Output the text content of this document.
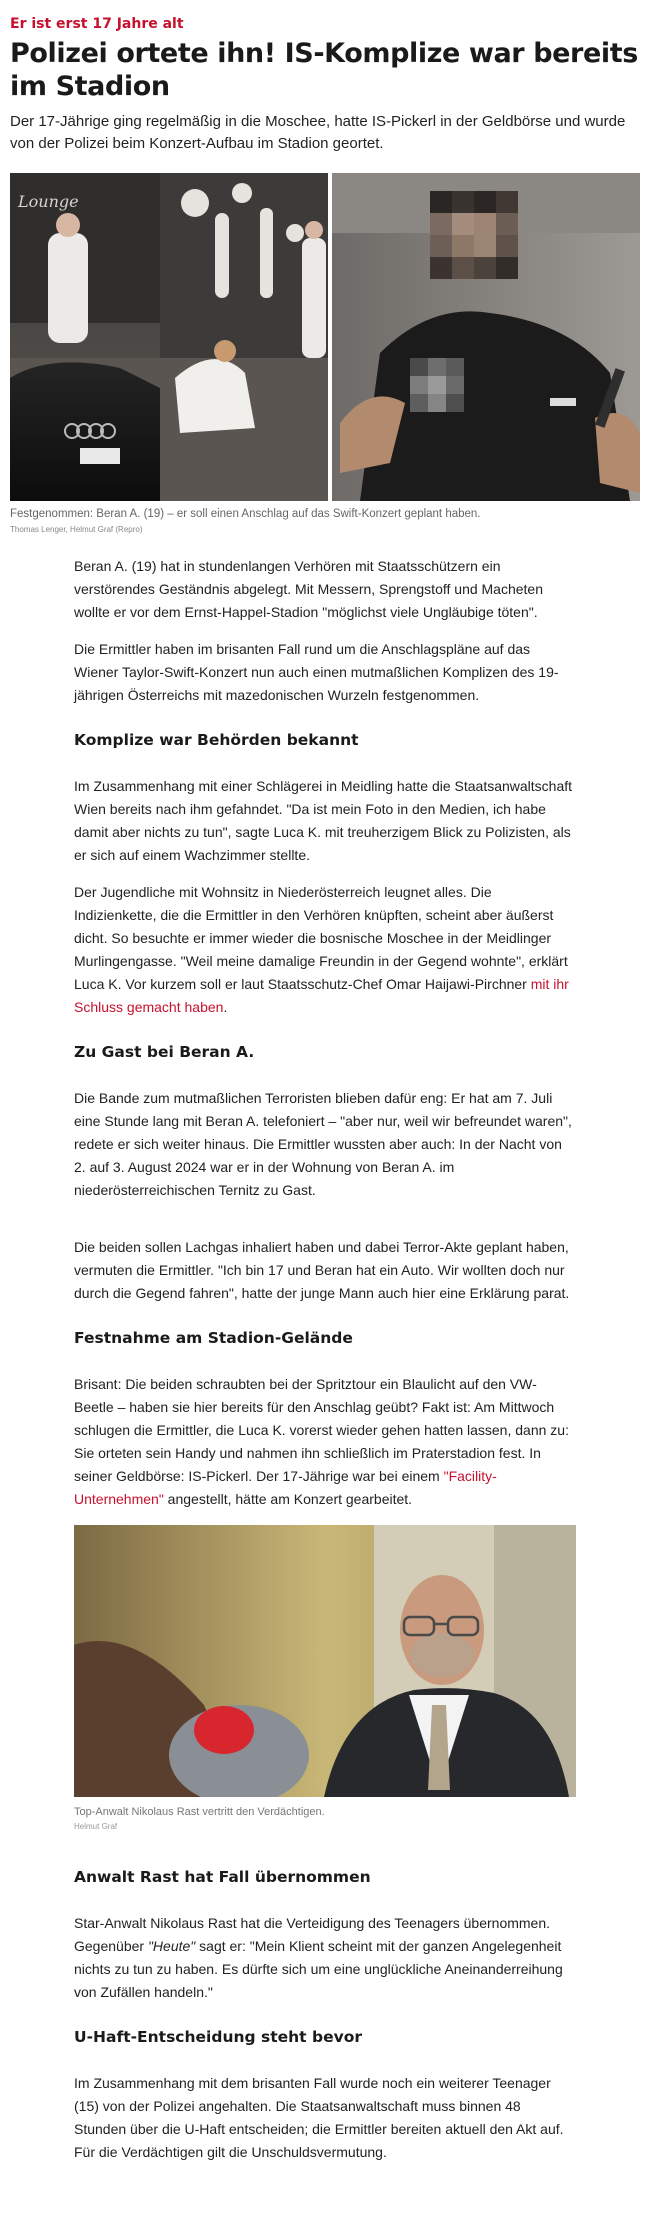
Er ist erst 17 Jahre alt
Polizei ortete ihn! IS-Komplize war bereits im Stadion

Der 17-Jährige ging regelmäßig in die Moschee, hatte IS-Pickerl in der Geldbörse und wurde von der Polizei beim Konzert-Aufbau im Stadion geortet.

Lounge

Festgenommen: Beran A. (19) – er soll einen Anschlag auf das Swift-Konzert geplant haben.

Thomas Lenger, Helmut Graf (Repro)

Beran A. (19) hat in stundenlangen Verhören mit Staatsschützern ein verstörendes Geständnis abgelegt. Mit Messern, Sprengstoff und Macheten wollte er vor dem Ernst-Happel-Stadion "möglichst viele Ungläubige töten".

Die Ermittler haben im brisanten Fall rund um die Anschlagspläne auf das Wiener Taylor-Swift-Konzert nun auch einen mutmaßlichen Komplizen des 19-jährigen Österreichs mit mazedonischen Wurzeln festgenommen.

Komplize war Behörden bekannt

Im Zusammenhang mit einer Schlägerei in Meidling hatte die Staatsanwaltschaft Wien bereits nach ihm gefahndet. "Da ist mein Foto in den Medien, ich habe damit aber nichts zu tun", sagte Luca K. mit treuherzigem Blick zu Polizisten, als er sich auf einem Wachzimmer stellte.

Der Jugendliche mit Wohnsitz in Niederösterreich leugnet alles. Die Indizienkette, die die Ermittler in den Verhören knüpften, scheint aber äußerst dicht. So besuchte er immer wieder die bosnische Moschee in der Meidlinger Murlingengasse. "Weil meine damalige Freundin in der Gegend wohnte", erklärt Luca K. Vor kurzem soll er laut Staatsschutz-Chef Omar Haijawi-Pirchner mit ihr Schluss gemacht haben.

Zu Gast bei Beran A.

Die Bande zum mutmaßlichen Terroristen blieben dafür eng: Er hat am 7. Juli eine Stunde lang mit Beran A. telefoniert – "aber nur, weil wir befreundet waren", redete er sich weiter hinaus. Die Ermittler wussten aber auch: In der Nacht von 2. auf 3. August 2024 war er in der Wohnung von Beran A. im niederösterreichischen Ternitz zu Gast.

Die beiden sollen Lachgas inhaliert haben und dabei Terror-Akte geplant haben, vermuten die Ermittler. "Ich bin 17 und Beran hat ein Auto. Wir wollten doch nur durch die Gegend fahren", hatte der junge Mann auch hier eine Erklärung parat.

Festnahme am Stadion-Gelände

Brisant: Die beiden schraubten bei der Spritztour ein Blaulicht auf den VW-Beetle – haben sie hier bereits für den Anschlag geübt? Fakt ist: Am Mittwoch schlugen die Ermittler, die Luca K. vorerst wieder gehen hatten lassen, dann zu: Sie orteten sein Handy und nahmen ihn schließlich im Praterstadion fest. In seiner Geldbörse: IS-Pickerl. Der 17-Jährige war bei einem "Facility-Unternehmen" angestellt, hätte am Konzert gearbeitet.

Top-Anwalt Nikolaus Rast vertritt den Verdächtigen.

Helmut Graf

Anwalt Rast hat Fall übernommen

Star-Anwalt Nikolaus Rast hat die Verteidigung des Teenagers übernommen. Gegenüber "Heute" sagt er: "Mein Klient scheint mit der ganzen Angelegenheit nichts zu tun zu haben. Es dürfte sich um eine unglückliche Aneinanderreihung von Zufällen handeln."

U-Haft-Entscheidung steht bevor

Im Zusammenhang mit dem brisanten Fall wurde noch ein weiterer Teenager (15) von der Polizei angehalten. Die Staatsanwaltschaft muss binnen 48 Stunden über die U-Haft entscheiden; die Ermittler bereiten aktuell den Akt auf. Für die Verdächtigen gilt die Unschuldsvermutung.
